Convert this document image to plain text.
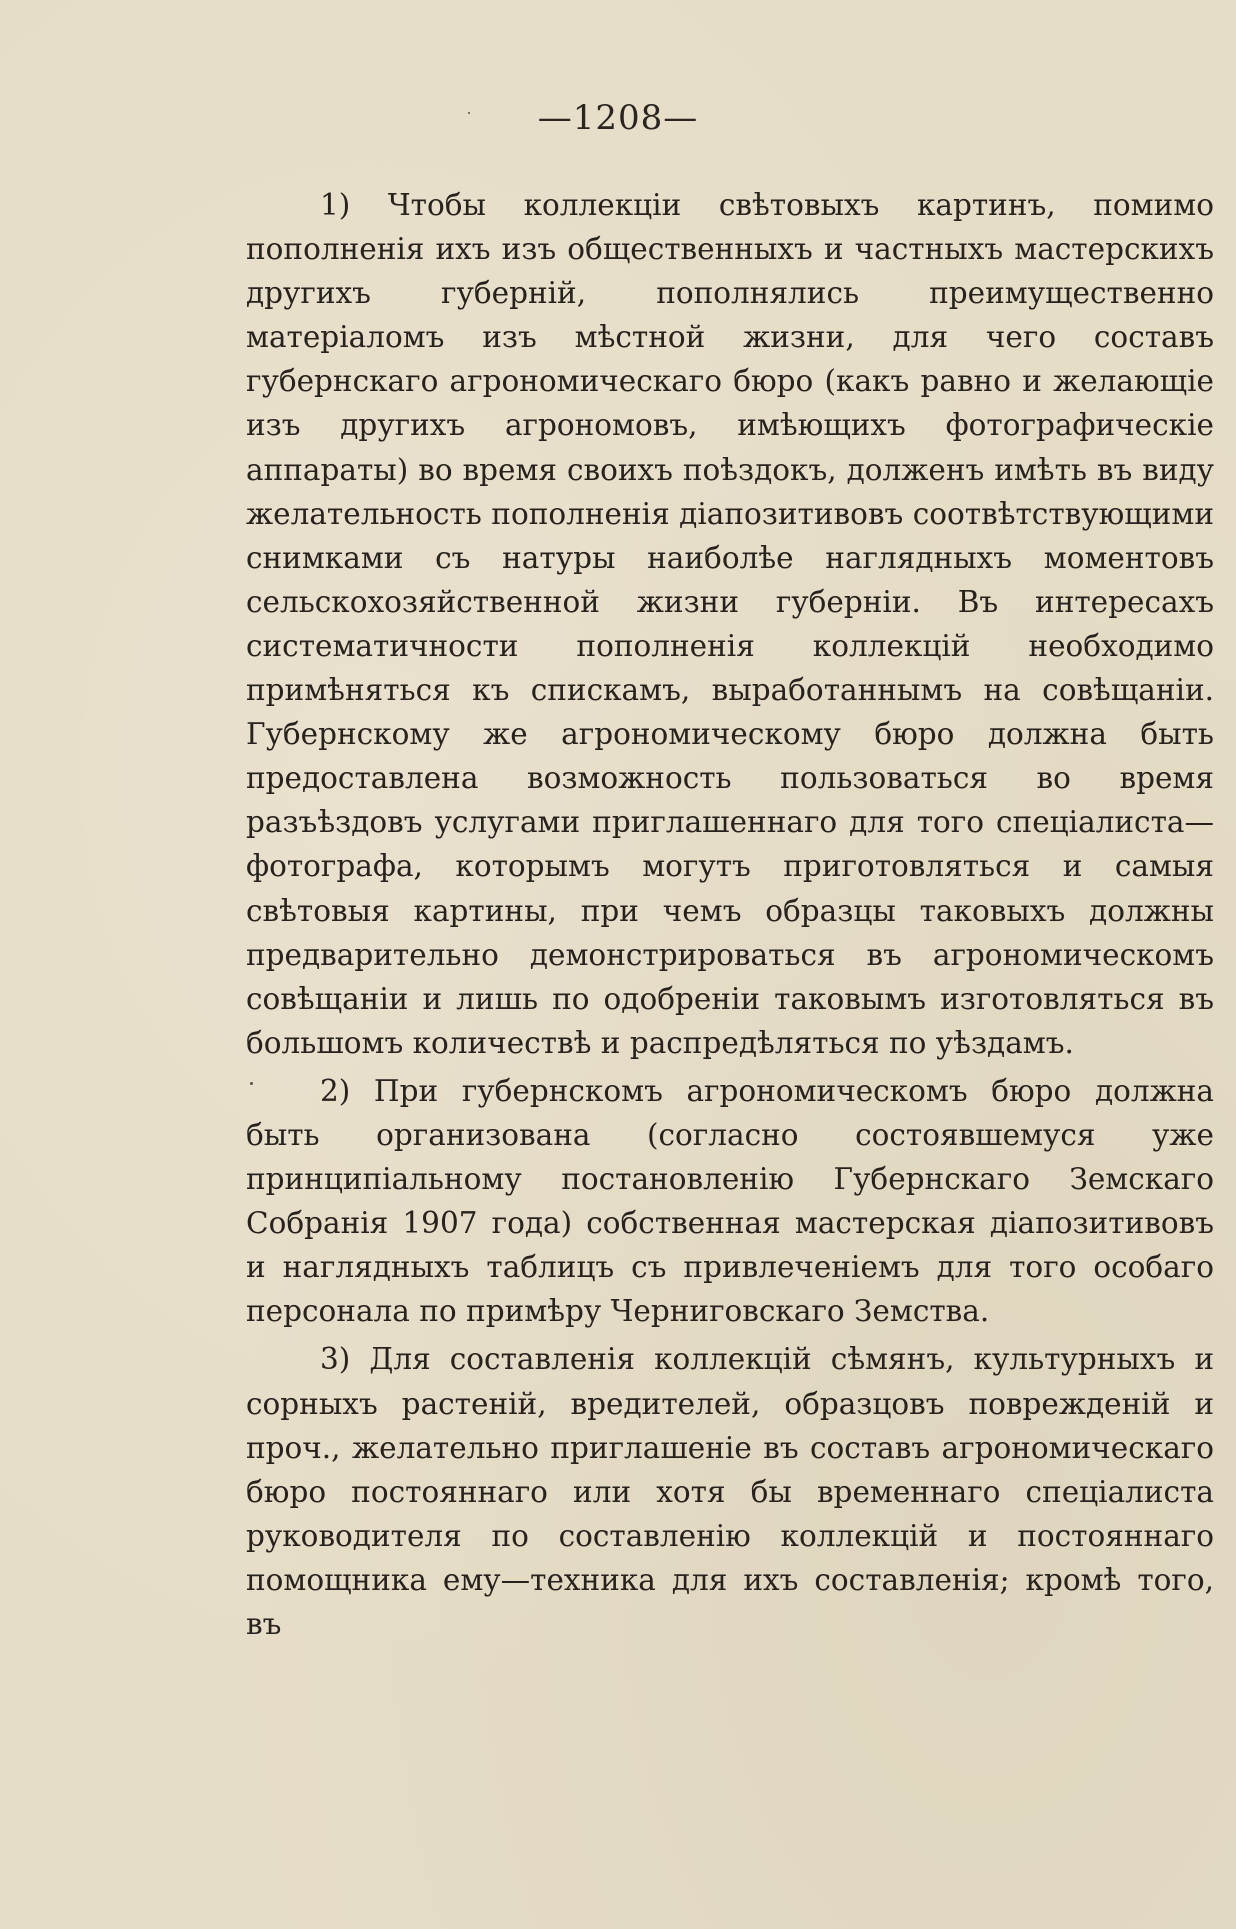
—1208—

1) Чтобы коллекціи свѣтовыхъ картинъ, помимо пополненія ихъ изъ общественныхъ и частныхъ мастерскихъ другихъ губерній, пополнялись преимущественно матеріаломъ изъ мѣстной жизни, для чего составъ губернскаго агрономическаго бюро (какъ равно и желающіе изъ другихъ агрономовъ, имѣющихъ фотографическіе аппараты) во время своихъ поѣздокъ, долженъ имѣть въ виду желательность пополненія діапозитивовъ соотвѣтствующими снимками съ натуры наиболѣе наглядныхъ моментовъ сельскохозяйственной жизни губерніи. Въ интересахъ систематичности пополненія коллекцій необходимо примѣняться къ спискамъ, выработаннымъ на совѣщаніи. Губернскому же агрономическому бюро должна быть предоставлена возможность пользоваться во время разъѣздовъ услугами приглашеннаго для того спеціалиста—фотографа, которымъ могутъ приготовляться и самыя свѣтовыя картины, при чемъ образцы таковыхъ должны предварительно демонстрироваться въ агрономическомъ совѣщаніи и лишь по одобреніи таковымъ изготовляться въ большомъ количествѣ и распредѣляться по уѣздамъ.

2) При губернскомъ агрономическомъ бюро должна быть организована (согласно состоявшемуся уже принципіальному постановленію Губернскаго Земскаго Собранія 1907 года) собственная мастерская діапозитивовъ и наглядныхъ таблицъ съ привлеченіемъ для того особаго персонала по примѣру Черниговскаго Земства.

3) Для составленія коллекцій сѣмянъ, культурныхъ и сорныхъ растеній, вредителей, образцовъ поврежденій и проч., желательно приглашеніе въ составъ агрономическаго бюро постояннаго или хотя бы временнаго спеціалиста руководителя по составленію коллекцій и постояннаго помощника ему—техника для ихъ составленія; кромѣ того, въ
